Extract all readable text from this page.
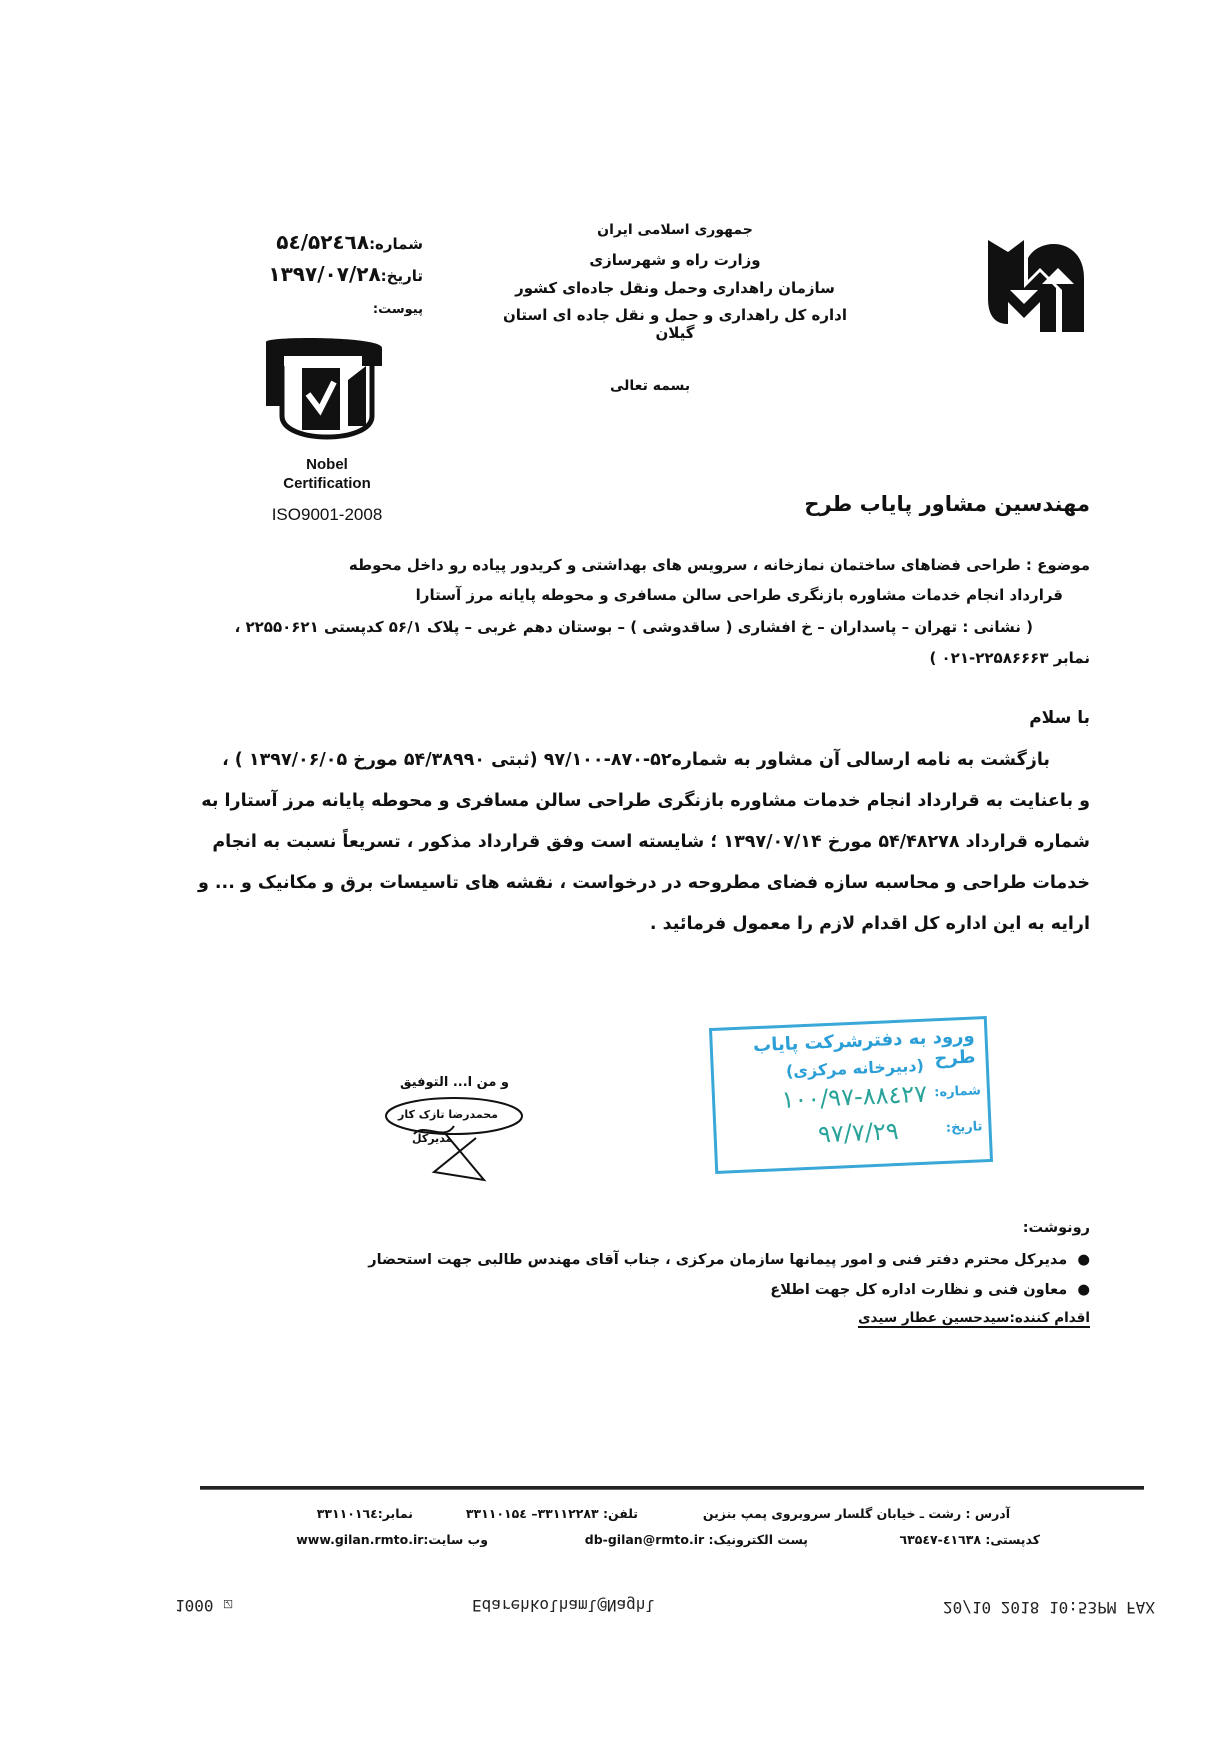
جمهوری اسلامی ایران
وزارت راه و شهرسازی
سازمان راهداری وحمل ونقل جاده‌ای کشور
اداره کل راهداری و حمل و نقل جاده ای استان گیلان
شماره:۵٤/۵۲٤٦۸
تاریخ:۱۳۹۷/۰۷/۲۸
پیوست:
Nobel
Certification
ISO9001-2008
بسمه تعالی
مهندسین مشاور پایاب طرح
موضوع : طراحی فضاهای ساختمان نمازخانه ، سرویس های بهداشتی و کریدور پیاده رو داخل محوطه
قرارداد انجام خدمات مشاوره بازنگری طراحی سالن مسافری و محوطه پایانه مرز آستارا
( نشانی : تهران – پاسداران – خ افشاری ( ساقدوشی ) – بوستان دهم غربی – پلاک ۵۶/۱ کدپستی ۲۲۵۵۰۶۲۱ ،
نمابر ۲۲۵۸۶۶۶۳-۰۲۱ )
با سلام
بازگشت به نامه ارسالی آن مشاور به شماره۵۲-۸۷۰-۹۷/۱۰۰ (ثبتی ۵۴/۳۸۹۹۰ مورخ ۱۳۹۷/۰۶/۰۵ ) ،
و باعنایت به قرارداد انجام خدمات مشاوره بازنگری طراحی سالن مسافری و محوطه پایانه مرز آستارا به
شماره قرارداد ۵۴/۴۸۲۷۸ مورخ ۱۳۹۷/۰۷/۱۴ ؛ شایسته است وفق قرارداد مذکور ، تسریعاً نسبت به انجام
خدمات طراحی و محاسبه سازه فضای مطروحه در درخواست ، نقشه های تاسیسات برق و مکانیک و ... و
ارایه به این اداره کل اقدام لازم را معمول فرمائید .
و من ا... التوفیق
محمدرضا تازک کار
مدیرکل
ورود به دفترشرکت پایاب طرح
(دبیرخانه مرکزی)
شماره:
۱۰۰/۹۷-۸۸٤۲۷
تاریخ:
۹۷/۷/۲۹
رونوشت:
●  مدیرکل محترم دفتر فنی و امور پیمانها سازمان مرکزی ، جناب آقای مهندس طالبی جهت استحضار
●  معاون فنی و نظارت اداره کل جهت اطلاع
اقدام کننده:سیدحسین عطار سیدی
آدرس : رشت ـ خیابان گلسار سروبروی پمپ بنزین
تلفن: ۳۳۱۱۲۲۸۳– ۳۳۱۱۰۱۵٤
نمابر:۳۳۱۱۰۱٦٤
کدپستی: ٤۱٦۳۸-٦۳۵٤۷
پست الکترونیک: db-gilan@rmto.ir
وب سایت:www.gilan.rmto.ir
1000 ☑	Edarehkolhaml@Naghl	20/10 2018 10:53PM FAX
